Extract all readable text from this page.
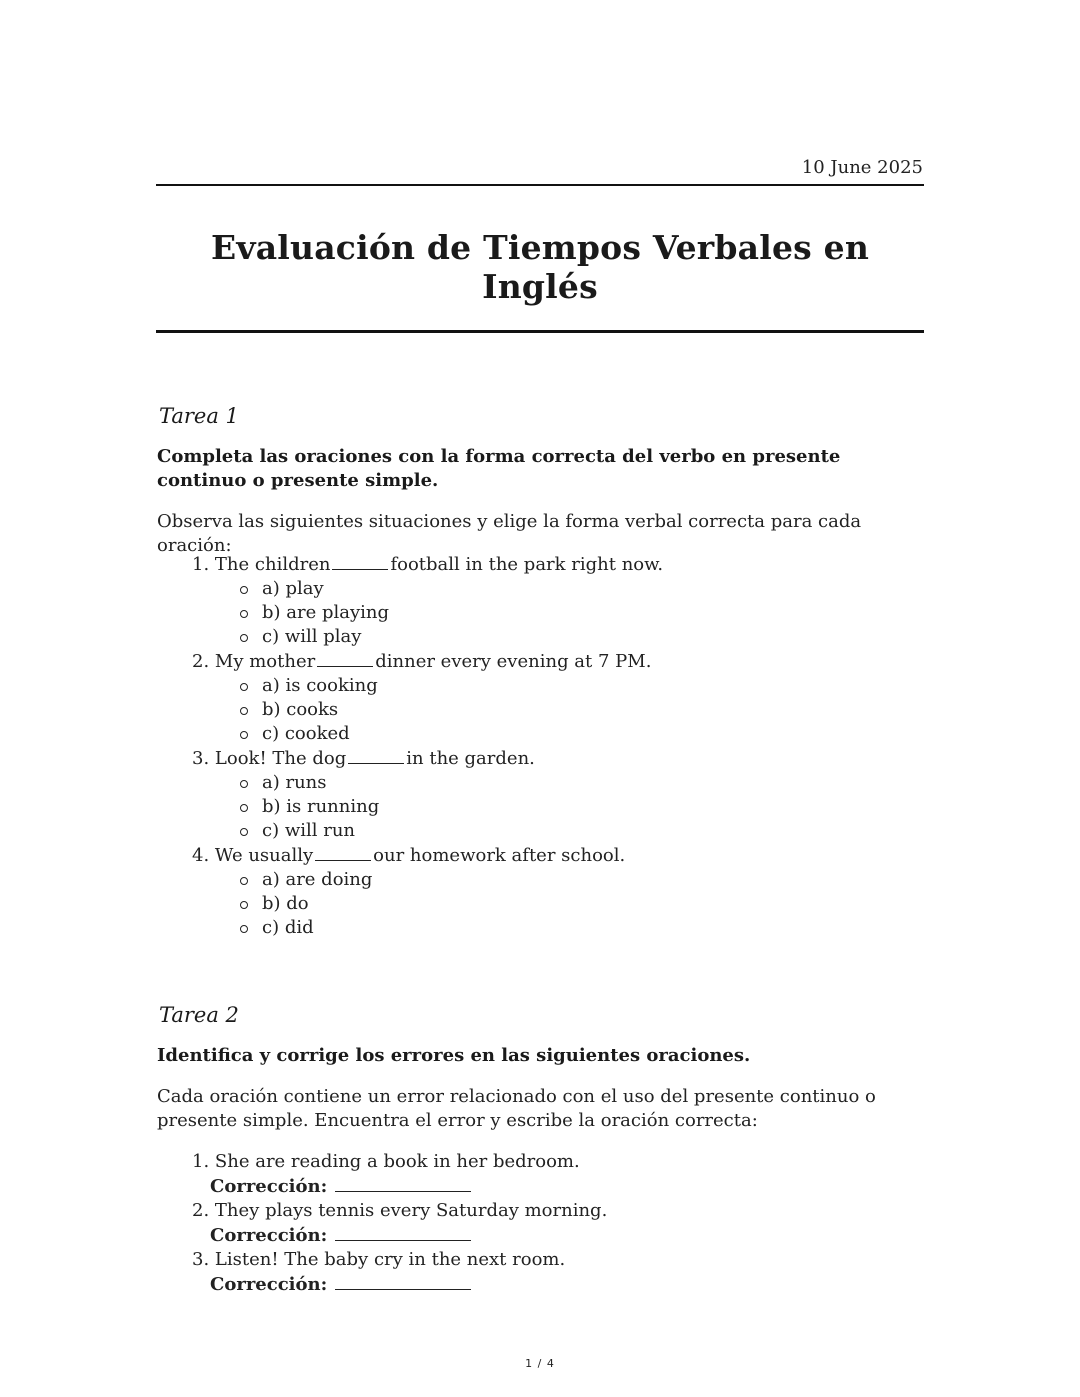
10 June 2025
Evaluación de Tiempos Verbales en Inglés
Tarea 1
Completa las oraciones con la forma correcta del verbo en presente continuo o presente simple.
Observa las siguientes situaciones y elige la forma verbal correcta para cada oración:
1. The children	football in the park right now.
a) play
b) are playing
c) will play
2. My mother	dinner every evening at 7 PM.
a) is cooking
b) cooks
c) cooked
3. Look! The dog	in the garden.
a) runs
b) is running
c) will run
4. We usually	our homework after school.
a) are doing
b) do
c) did
Tarea 2
Identifica y corrige los errores en las siguientes oraciones.
Cada oración contiene un error relacionado con el uso del presente continuo o presente simple. Encuentra el error y escribe la oración correcta:
1. She are reading a book in her bedroom.
Corrección:
2. They plays tennis every Saturday morning.
Corrección:
3. Listen! The baby cry in the next room.
Corrección:
1 / 4
